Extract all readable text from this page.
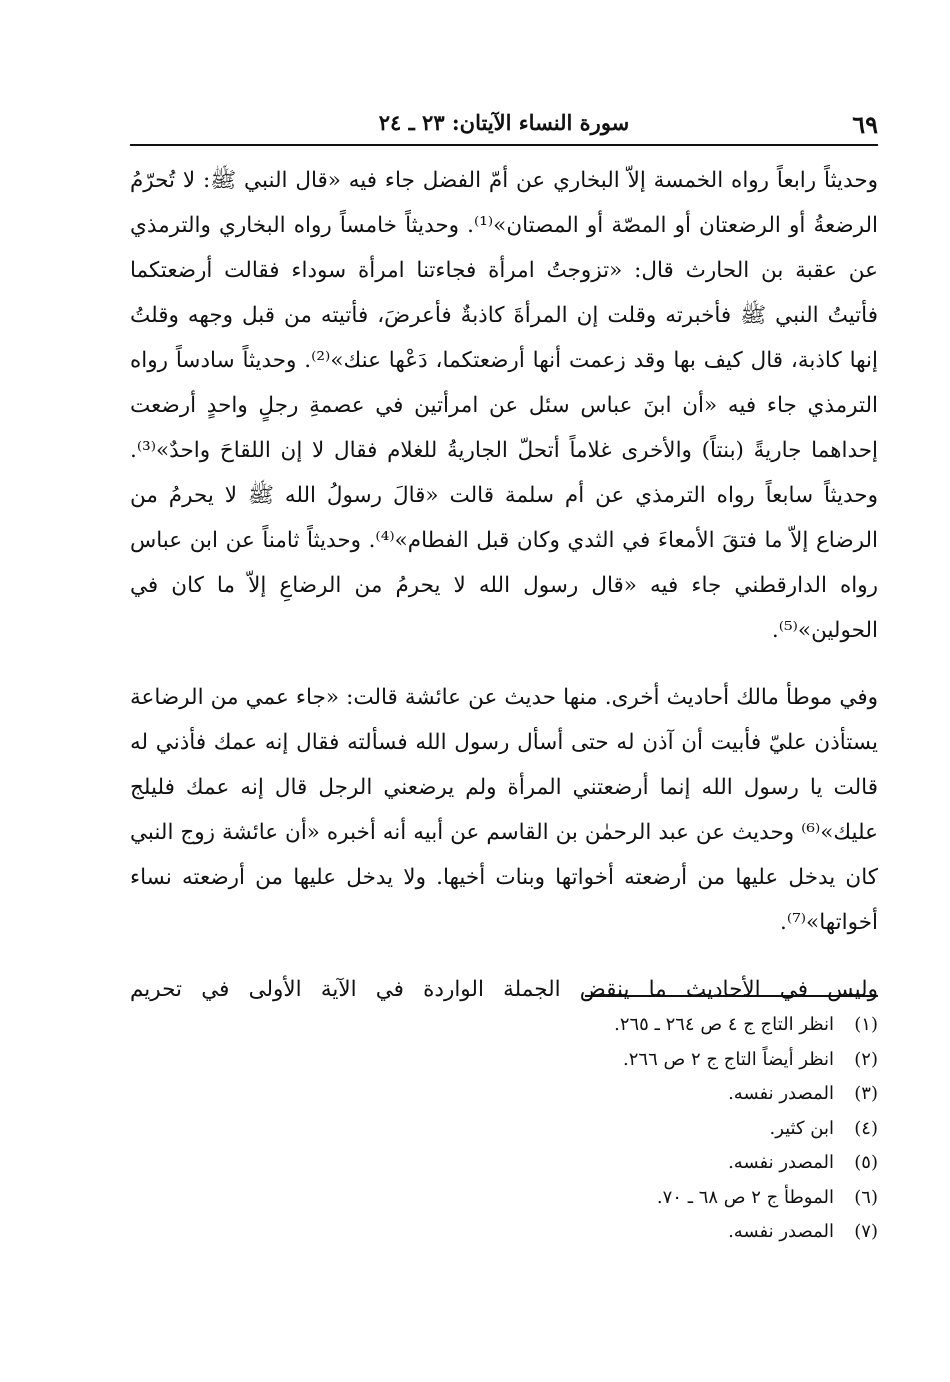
٦٩
سورة النساء الآيتان: ٢٣ ـ ٢٤

وحديثاً رابعاً رواه الخمسة إلاّ البخاري عن أمّ الفضل جاء فيه «قال النبي ﷺ: لا تُحرّمُ الرضعةُ أو الرضعتان أو المصّة أو المصتان»⁽¹⁾. وحديثاً خامساً رواه البخاري والترمذي عن عقبة بن الحارث قال: «تزوجتُ امرأة فجاءتنا امرأة سوداء فقالت أرضعتكما فأتيتُ النبي ﷺ فأخبرته وقلت إن المرأةَ كاذبةٌ فأعرضَ، فأتيته من قبل وجهه وقلتُ إنها كاذبة، قال كيف بها وقد زعمت أنها أرضعتكما، دَعْها عنك»⁽²⁾. وحديثاً سادساً رواه الترمذي جاء فيه «أن ابنَ عباس سئل عن امرأتين في عصمةِ رجلٍ واحدٍ أرضعت إحداهما جاريةً (بنتاً) والأخرى غلاماً أتحلّ الجاريةُ للغلام فقال لا إن اللقاحَ واحدٌ»⁽³⁾. وحديثاً سابعاً رواه الترمذي عن أم سلمة قالت «قالَ رسولُ الله ﷺ لا يحرمُ من الرضاع إلاّ ما فتقَ الأمعاءَ في الثدي وكان قبل الفطام»⁽⁴⁾. وحديثاً ثامناً عن ابن عباس رواه الدارقطني جاء فيه «قال رسول الله لا يحرمُ من الرضاعِ إلاّ ما كان في الحولين»⁽⁵⁾.

وفي موطأ مالك أحاديث أخرى. منها حديث عن عائشة قالت: «جاء عمي من الرضاعة يستأذن عليّ فأبيت أن آذن له حتى أسأل رسول الله فسألته فقال إنه عمك فأذني له قالت يا رسول الله إنما أرضعتني المرأة ولم يرضعني الرجل قال إنه عمك فليلج عليك»⁽⁶⁾ وحديث عن عبد الرحمٰن بن القاسم عن أبيه أنه أخبره «أن عائشة زوج النبي كان يدخل عليها من أرضعته أخواتها وبنات أخيها. ولا يدخل عليها من أرضعته نساء أخواتها»⁽⁷⁾.

وليس في الأحاديث ما ينقض الجملة الواردة في الآية الأولى في تحريم

(١)انظر التاج ج ٤ ص ٢٦٤ ـ ٢٦٥.
(٢)انظر أيضاً التاج ج ٢ ص ٢٦٦.
(٣)المصدر نفسه.
(٤)ابن كثير.
(٥)المصدر نفسه.
(٦)الموطأ ج ٢ ص ٦٨ ـ ٧٠.
(٧)المصدر نفسه.
